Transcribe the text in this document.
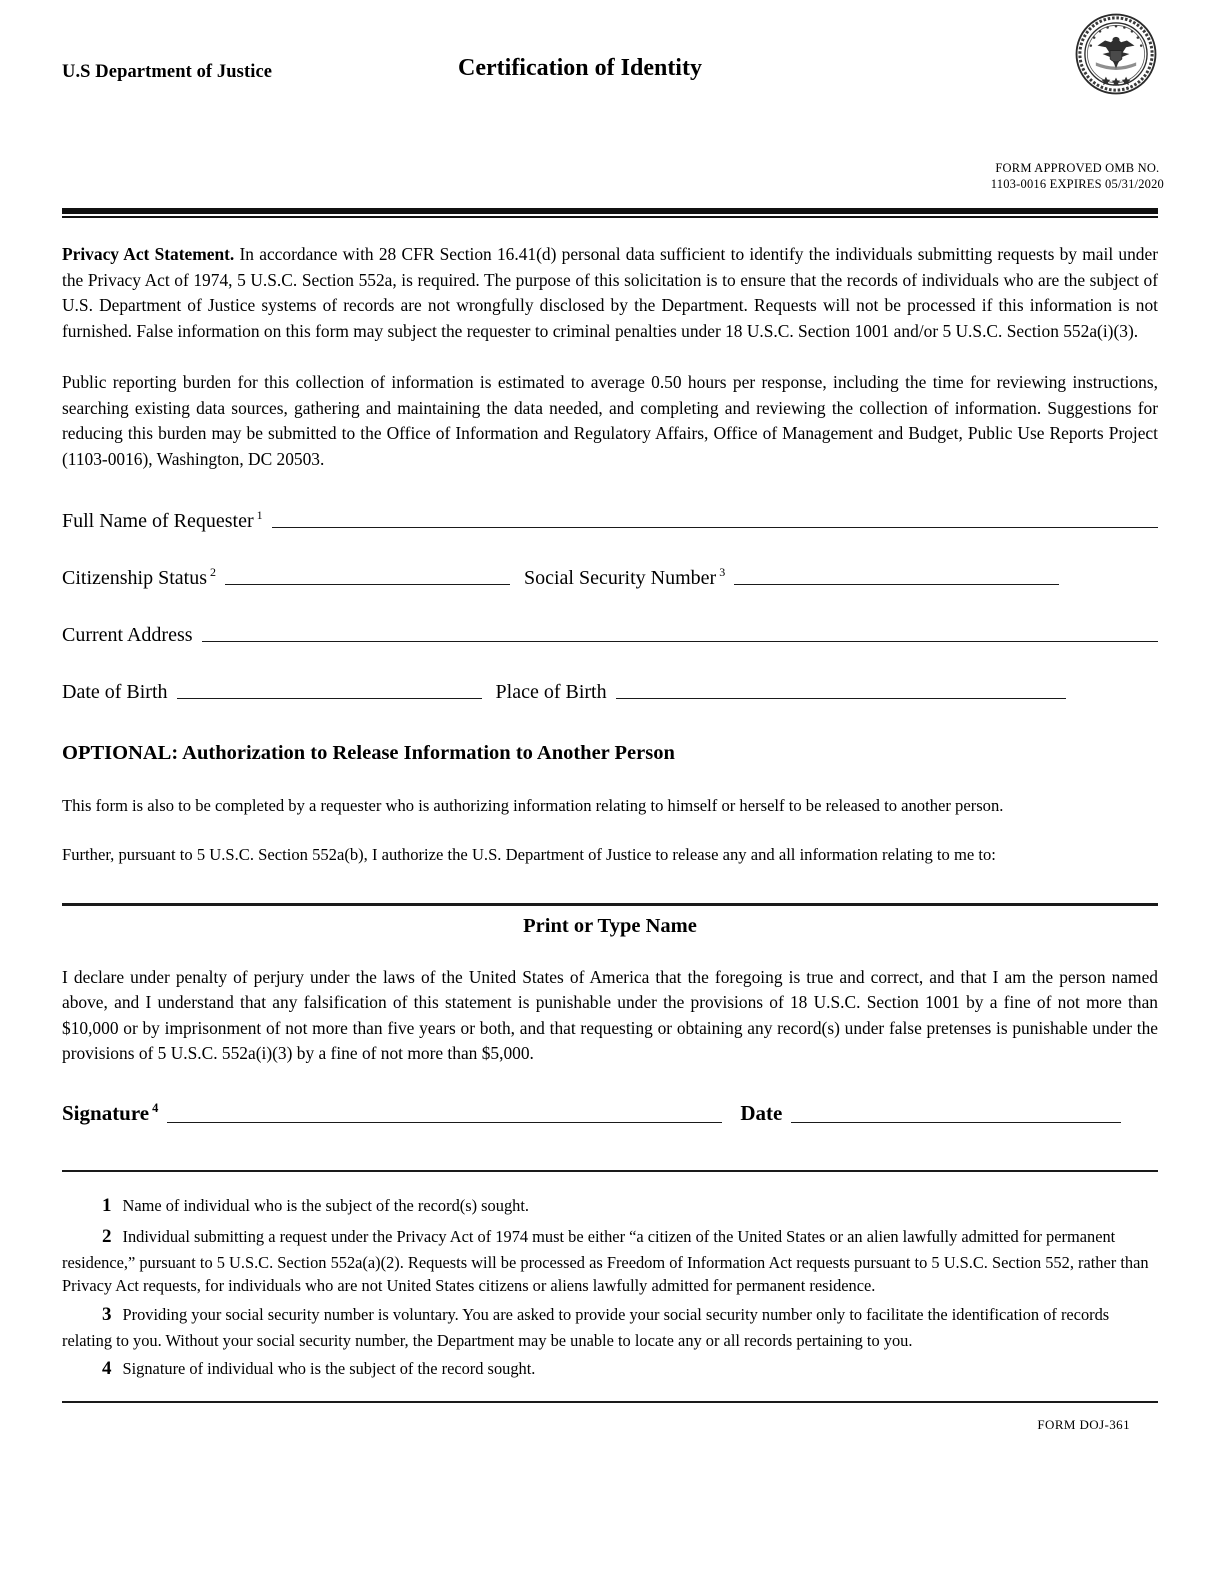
U.S Department of Justice	Certification of Identity
FORM APPROVED OMB NO.
1103-0016 EXPIRES 05/31/2020

Privacy Act Statement. In accordance with 28 CFR Section 16.41(d) personal data sufficient to identify the individuals submitting requests by mail under the Privacy Act of 1974, 5 U.S.C. Section 552a, is required. The purpose of this solicitation is to ensure that the records of individuals who are the subject of U.S. Department of Justice systems of records are not wrongfully disclosed by the Department. Requests will not be processed if this information is not furnished. False information on this form may subject the requester to criminal penalties under 18 U.S.C. Section 1001 and/or 5 U.S.C. Section 552a(i)(3).

Public reporting burden for this collection of information is estimated to average 0.50 hours per response, including the time for reviewing instructions, searching existing data sources, gathering and maintaining the data needed, and completing and reviewing the collection of information. Suggestions for reducing this burden may be submitted to the Office of Information and Regulatory Affairs, Office of Management and Budget, Public Use Reports Project (1103-0016), Washington, DC 20503.

Full Name of Requester $^1$
Citizenship Status $^2$	Social Security Number $^3$
Current Address
Date of Birth	Place of Birth

OPTIONAL: Authorization to Release Information to Another Person

This form is also to be completed by a requester who is authorizing information relating to himself or herself to be released to another person.

Further, pursuant to 5 U.S.C. Section 552a(b), I authorize the U.S. Department of Justice to release any and all information relating to me to:

Print or Type Name

I declare under penalty of perjury under the laws of the United States of America that the foregoing is true and correct, and that I am the person named above, and I understand that any falsification of this statement is punishable under the provisions of 18 U.S.C. Section 1001 by a fine of not more than $10,000 or by imprisonment of not more than five years or both, and that requesting or obtaining any record(s) under false pretenses is punishable under the provisions of 5 U.S.C. 552a(i)(3) by a fine of not more than $5,000.

Signature $^4$	Date

1 Name of individual who is the subject of the record(s) sought.

2 Individual submitting a request under the Privacy Act of 1974 must be either “a citizen of the United States or an alien lawfully admitted for permanent residence,” pursuant to 5 U.S.C. Section 552a(a)(2). Requests will be processed as Freedom of Information Act requests pursuant to 5 U.S.C. Section 552, rather than Privacy Act requests, for individuals who are not United States citizens or aliens lawfully admitted for permanent residence.

3 Providing your social security number is voluntary. You are asked to provide your social security number only to facilitate the identification of records relating to you. Without your social security number, the Department may be unable to locate any or all records pertaining to you.

4 Signature of individual who is the subject of the record sought.

FORM DOJ-361
